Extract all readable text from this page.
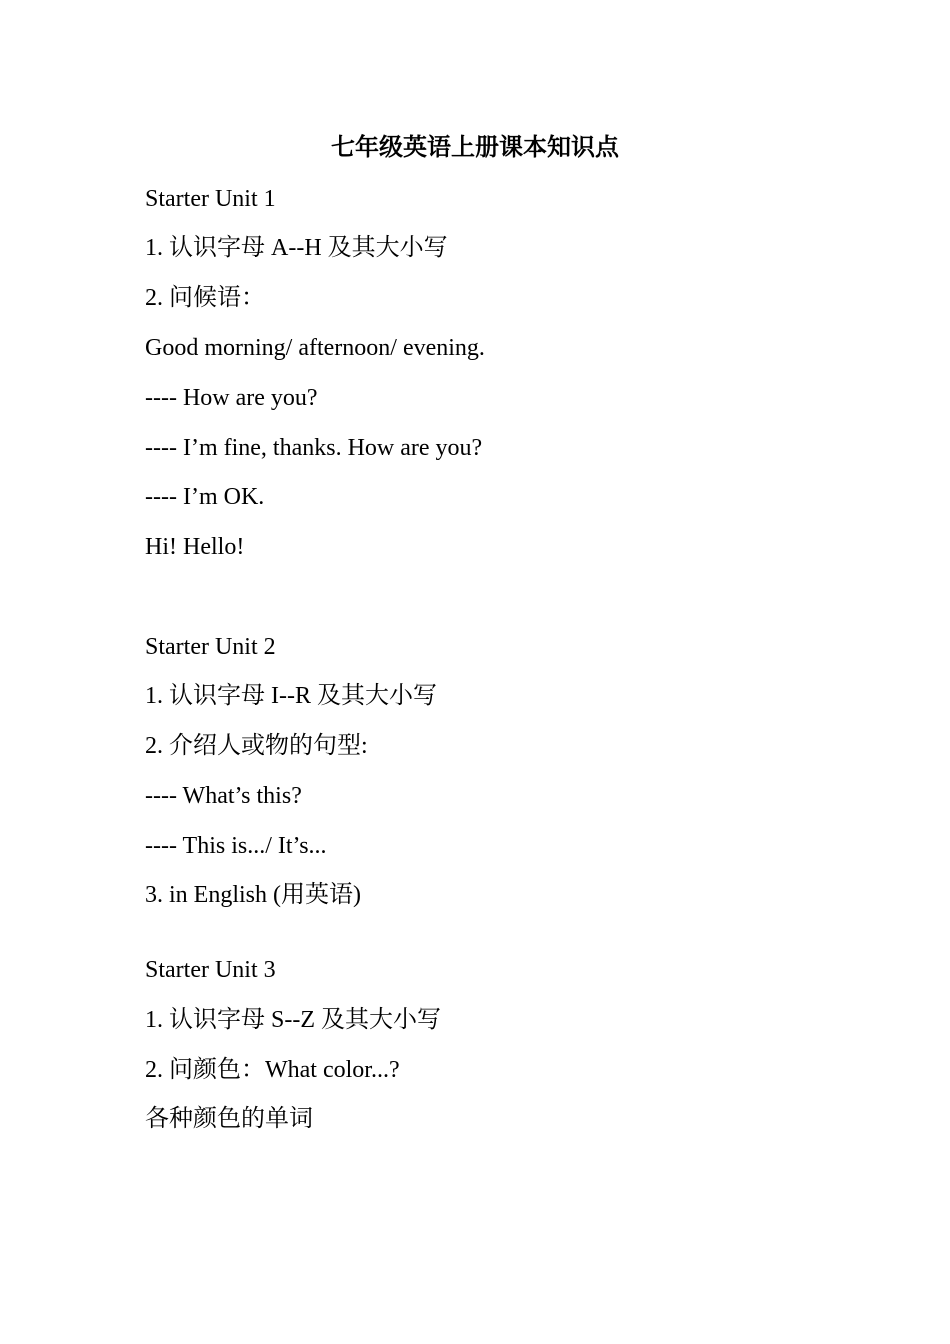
七年级英语上册课本知识点
Starter Unit 1
1. 认识字母 A--H 及其大小写
2. 问候语：
Good morning/ afternoon/ evening.
---- How are you?
---- I’m fine, thanks. How are you?
---- I’m OK.
Hi! Hello!
Starter Unit 2
1. 认识字母 I--R 及其大小写
2. 介绍人或物的句型:
---- What’s this?
---- This is.../ It’s...
3. in English (用英语)
Starter Unit 3
1. 认识字母 S--Z 及其大小写
2. 问颜色：What color...?
各种颜色的单词
